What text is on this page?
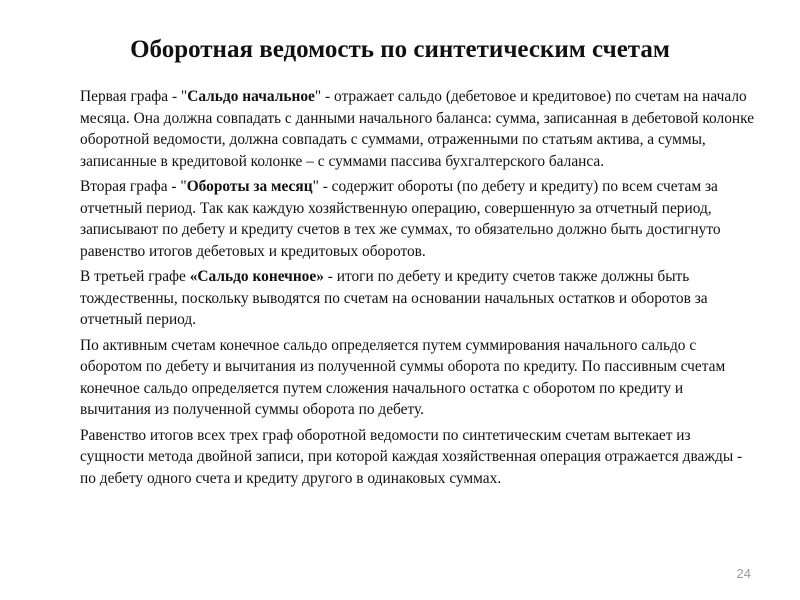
Оборотная ведомость по синтетическим счетам

Первая графа - "Сальдо начальное" - отражает сальдо (дебетовое и кредитовое) по счетам на начало месяца. Она должна совпадать с данными начального баланса: сумма, записанная в дебетовой колонке оборотной ведомости, должна совпадать с суммами, отраженными по статьям актива, а суммы, записанные в кредитовой колонке – с суммами пассива бухгалтерского баланса.

Вторая графа - "Обороты за месяц" - содержит обороты (по дебету и кредиту) по всем счетам за отчетный период. Так как каждую хозяйственную операцию, совершенную за отчетный период, записывают по дебету и кредиту счетов в тех же суммах, то обязательно должно быть достигнуто равенство итогов дебетовых и кредитовых оборотов.

В третьей графе «Сальдо конечное» - итоги по дебету и кредиту счетов также должны быть тождественны, поскольку выводятся по счетам на основании начальных остатков и оборотов за отчетный период.

По активным счетам конечное сальдо определяется путем суммирования начального сальдо с оборотом по дебету и вычитания из полученной суммы оборота по кредиту. По пассивным счетам конечное сальдо определяется путем сложения начального остатка с оборотом по кредиту и вычитания из полученной суммы оборота по дебету.

Равенство итогов всех трех граф оборотной ведомости по синтетическим счетам вытекает из сущности метода двойной записи, при которой каждая хозяйственная операция отражается дважды - по дебету одного счета и кредиту другого в одинаковых суммах.

24
